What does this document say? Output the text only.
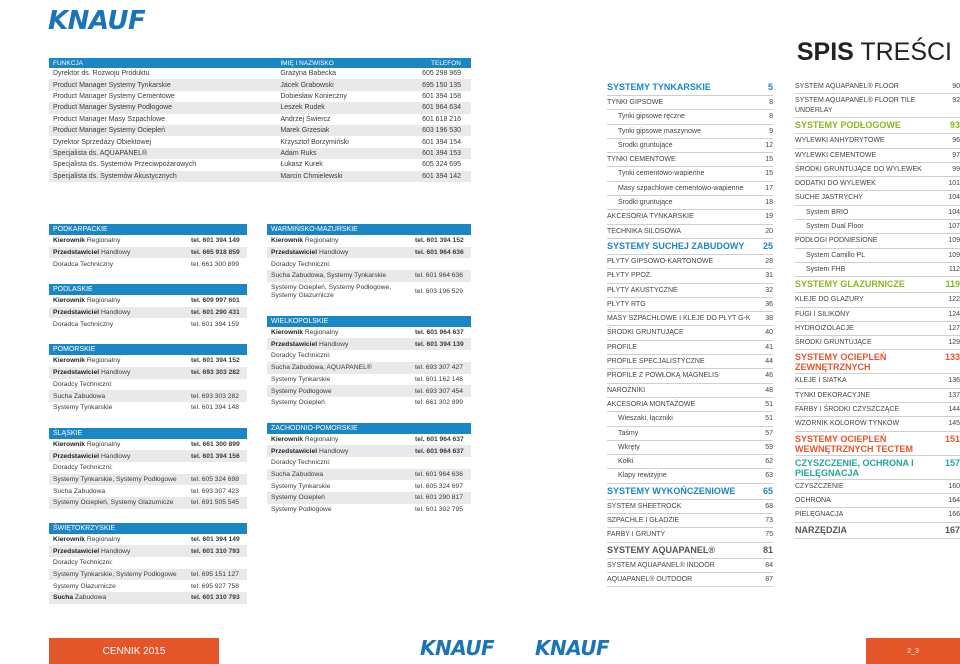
KNAUF
FUNKCJA	IMIĘ I NAZWISKO	TELEFON
Dyrektor ds. Rozwoju Produktu	Grażyna Babecka	605 298 969
Product Manager Systemy Tynkarskie	Jacek Grabowski	695 150 135
Product Manager Systemy Cementowe	Dobiesław Konieczny	601 394 158
Product Manager Systemy Podłogowe	Leszek Rudek	601 964 634
Product Manager Masy Szpachlowe	Andrzej Świercz	601 618 216
Product Manager Systemy Ociepleń	Marek Grzesiak	603 196 530
Dyrektor Sprzedaży Obiektowej	Krzysztof Borzymiński	601 394 154
Specjalista ds. AQUAPANEL®	Adam Ruks	601 394 153
Specjalista ds. Systemów Przeciwpożarowych	Łukasz Kurek	605 324 695
Specjalista ds. Systemów Akustycznych	Marcin Chmielewski	601 394 142
PODKARPACKIE
Kierownik Regionalny	tel. 601 394 149
Przedstawiciel Handlowy	tel. 665 918 859
Doradca Techniczny	tel. 661 300 899
PODLASKIE
Kierownik Regionalny	tel. 609 997 601
Przedstawiciel Handlowy	tel. 601 290 431
Doradca Techniczny	tel. 601 394 159
POMORSKIE
Kierownik Regionalny	tel. 601 394 152
Przedstawiciel Handlowy	tel. 693 303 282
Doradcy Techniczni:
Sucha Zabudowa	tel. 693 303 282
Systemy Tynkarskie	tel. 601 394 148
ŚLĄSKIE
Kierownik Regionalny	tel. 661 300 899
Przedstawiciel Handlowy	tel. 601 394 156
Doradcy Techniczni:
Systemy Tynkarskie, Systemy Podłogowe tel. 605 324 698
Sucha Zabudowa	tel. 693 307 423
Systemy Ociepleń, Systemy Glazurnicze	tel. 691 505 545
ŚWIĘTOKRZYSKIE
Kierownik Regionalny	tel. 601 394 149
Przedstawiciel Handlowy	tel. 601 310 793
Doradcy Techniczni:
Systemy Tynkarskie, Systemy Podłogowe tel. 695 151 127
Systemy Glazurnicze	tel. 695 927 758
Sucha Zabudowa	tel. 601 310 793
WARMIŃSKO-MAZURSKIE
Kierownik Regionalny	tel. 601 394 152
Przedstawiciel Handlowy	tel. 601 964 636
Doradcy Techniczni:
Sucha Zabudowa, Systemy Tynkarskie	tel. 601 964 636
Systemy Ociepleń, Systemy Podłogowe, Systemy Glazurnicze
tel. 603 196 529
WIELKOPOLSKIE
Kierownik Regionalny	tel. 601 964 637
Przedstawiciel Handlowy	tel. 601 394 139
Doradcy Techniczni:
Sucha Zabudowa, AQUAPANEL®	tel. 693 307 427
Systemy Tynkarskie	tel. 601 162 148
Systemy Podłogowe	tel. 693 307 454
Systemy Ociepleń	tel. 661 302 899
ZACHODNIO-POMORSKIE
Kierownik Regionalny	tel. 601 964 637
Przedstawiciel Handlowy	tel. 601 964 637
Doradcy Techniczni:
Sucha Zabudowa	tel. 601 964 636
Systemy Tynkarskie	tel. 605 324 697
Systemy Ociepleń	tel. 601 290 817
Systemy Podłogowe	tel. 601 302 795
SPIS TREŚCI
SYSTEMY TYNKARSKIE	5
TYNKI GIPSOWE	8
Tynki gipsowe ręczne	8
Tynki gipsowe maszynowe	9
Środki gruntujące	12
TYNKI CEMENTOWE	15
Tynki cementowo-wapienne	15
Masy szpachlowe cementowo-wapienne	17
Środki gruntujące	18
AKCESORIA TYNKARSKIE	19
TECHNIKA SILOSOWA	20
SYSTEMY SUCHEJ ZABUDOWY	25
PŁYTY GIPSOWO-KARTONOWE	28
PŁYTY PPOŻ.	31
PŁYTY AKUSTYCZNE	32
PŁYTY RTG	36
MASY SZPACHLOWE I KLEJE DO PŁYT G-K	38
ŚRODKI GRUNTUJĄCE	40
PROFILE	41
PROFILE SPECJALISTYCZNE	44
PROFILE Z POWŁOKĄ MAGNELIS	46
NAROŻNIKI	48
AKCESORIA MONTAŻOWE	51
Wieszaki, łączniki	51
Taśmy	57
Wkręty	59
Kołki	62
Klapy rewizyjne	63
SYSTEMY WYKOŃCZENIOWE	65
SYSTEM SHEETROCK	68
SZPACHLE I GŁADZIE	73
FARBY I GRUNTY	75
SYSTEMY AQUAPANEL®	81
SYSTEM AQUAPANEL® INDOOR	84
AQUAPANEL® OUTDOOR	87
SYSTEM AQUAPANEL® FLOOR	90
SYSTEM AQUAPANEL® FLOOR TILE UNDERLAY
92
SYSTEMY PODŁOGOWE	93
WYLEWKI ANHYDRYTOWE	96
WYLEWKI CEMENTOWE	97
ŚRODKI GRUNTUJĄCE DO WYLEWEK	99
DODATKI DO WYLEWEK	101
SUCHE JASTRYCHY	104
System BRIO	104
System Dual Floor	107
PODŁOGI PODNIESIONE	109
System Camillo PL	109
System FHB	112
SYSTEMY GLAZURNICZE	119
KLEJE DO GLAZURY	122
FUGI I SILIKONY	124
HYDROIZOLACJE	127
ŚRODKI GRUNTUJĄCE	129
SYSTEMY OCIEPLEŃ ZEWNĘTRZNYCH
133
KLEJE I SIATKA	136
TYNKI DEKORACYJNE	137
FARBY I ŚRODKI CZYSZCZĄCE	144
WZORNIK KOLORÓW TYNKÓW	145
SYSTEMY OCIEPLEŃ WEWNĘTRZNYCH TECTEM
151
CZYSZCZENIE, OCHRONA I PIELĘGNACJA
157
CZYSZCZENIE	160
OCHRONA	164
PIELĘGNACJA	166
NARZĘDZIA	167
CENNIK 2015	KNAUF KNAUF	2_3
